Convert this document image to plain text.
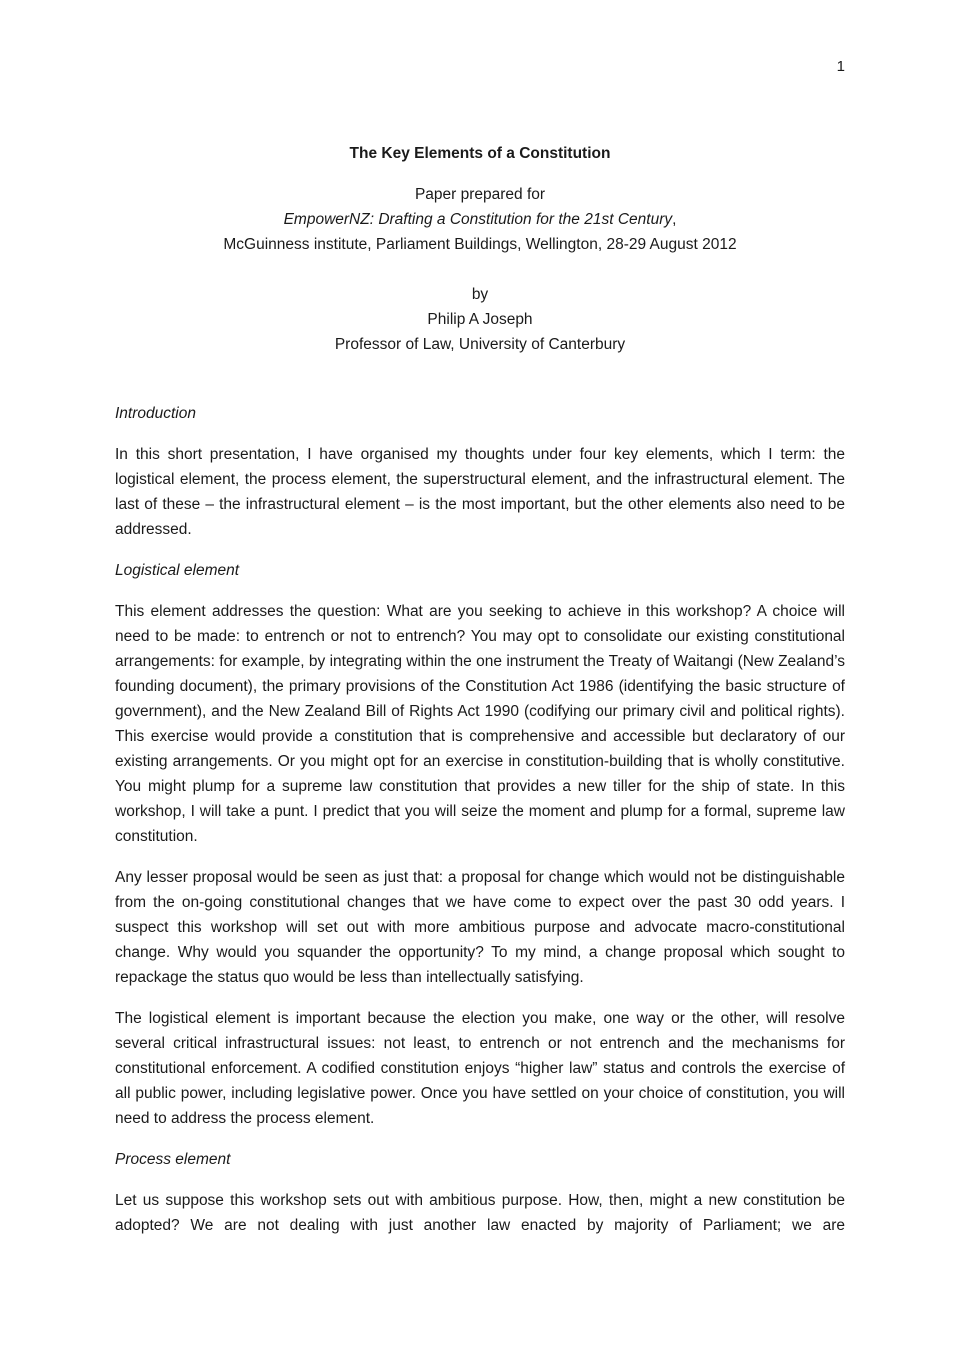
1
The Key Elements of a Constitution

Paper prepared for

EmpowerNZ: Drafting a Constitution for the 21st Century,

McGuinness institute, Parliament Buildings, Wellington, 28-29 August 2012

by

Philip A Joseph

Professor of Law, University of Canterbury

Introduction

In this short presentation, I have organised my thoughts under four key elements, which I term: the logistical element, the process element, the superstructural element, and the infrastructural element. The last of these – the infrastructural element – is the most important, but the other elements also need to be addressed.

Logistical element

This element addresses the question: What are you seeking to achieve in this workshop? A choice will need to be made: to entrench or not to entrench? You may opt to consolidate our existing constitutional arrangements: for example, by integrating within the one instrument the Treaty of Waitangi (New Zealand’s founding document), the primary provisions of the Constitution Act 1986 (identifying the basic structure of government), and the New Zealand Bill of Rights Act 1990 (codifying our primary civil and political rights). This exercise would provide a constitution that is comprehensive and accessible but declaratory of our existing arrangements. Or you might opt for an exercise in constitution-building that is wholly constitutive. You might plump for a supreme law constitution that provides a new tiller for the ship of state. In this workshop, I will take a punt. I predict that you will seize the moment and plump for a formal, supreme law constitution.

Any lesser proposal would be seen as just that: a proposal for change which would not be distinguishable from the on-going constitutional changes that we have come to expect over the past 30 odd years. I suspect this workshop will set out with more ambitious purpose and advocate macro-constitutional change. Why would you squander the opportunity? To my mind, a change proposal which sought to repackage the status quo would be less than intellectually satisfying.

The logistical element is important because the election you make, one way or the other, will resolve several critical infrastructural issues: not least, to entrench or not entrench and the mechanisms for constitutional enforcement. A codified constitution enjoys “higher law” status and controls the exercise of all public power, including legislative power. Once you have settled on your choice of constitution, you will need to address the process element.

Process element

Let us suppose this workshop sets out with ambitious purpose. How, then, might a new constitution be adopted? We are not dealing with just another law enacted by majority of Parliament; we are
